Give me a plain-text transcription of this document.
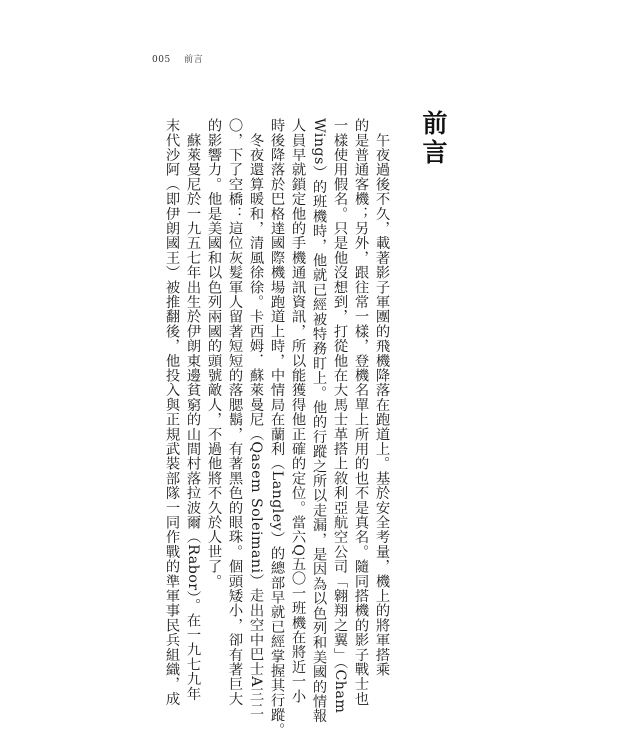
005 前言
前言
　午夜過後不久，載著影子軍團的飛機降落在跑道上。基於安全考量，機上的將軍搭乘
的是普通客機；另外，跟往常一樣，登機名單上所用的也不是真名。隨同搭機的影子戰士也
一樣使用假名。只是他沒想到，打從他在大馬士革搭上敘利亞航空公司「翱翔之翼」（Cham
Wings）的班機時，他就已經被特務盯上。他的行蹤之所以走漏，是因為以色列和美國的情報
人員早就鎖定他的手機通訊資訊，所以能獲得他正確的定位。當六Q五〇一班機在將近一小
時後降落於巴格達國際機場跑道上時，中情局在蘭利（Langley）的總部早就已經掌握其行蹤。
　冬夜還算暖和，清風徐徐。卡西姆．蘇萊曼尼（Qasem Soleimani）走出空中巴士A三二
〇，下了空橋：這位灰髮軍人留著短短的落腮鬍，有著黑色的眼珠。個頭矮小，卻有著巨大
的影響力。他是美國和以色列兩國的頭號敵人，不過他將不久於人世了。
　蘇萊曼尼於一九五七年出生於伊朗東邊貧窮的山間村落拉波爾（Rabor）。在一九七九年
末代沙阿（即伊朗國王）被推翻後，他投入與正規武裝部隊一同作戰的準軍事民兵組織，成
